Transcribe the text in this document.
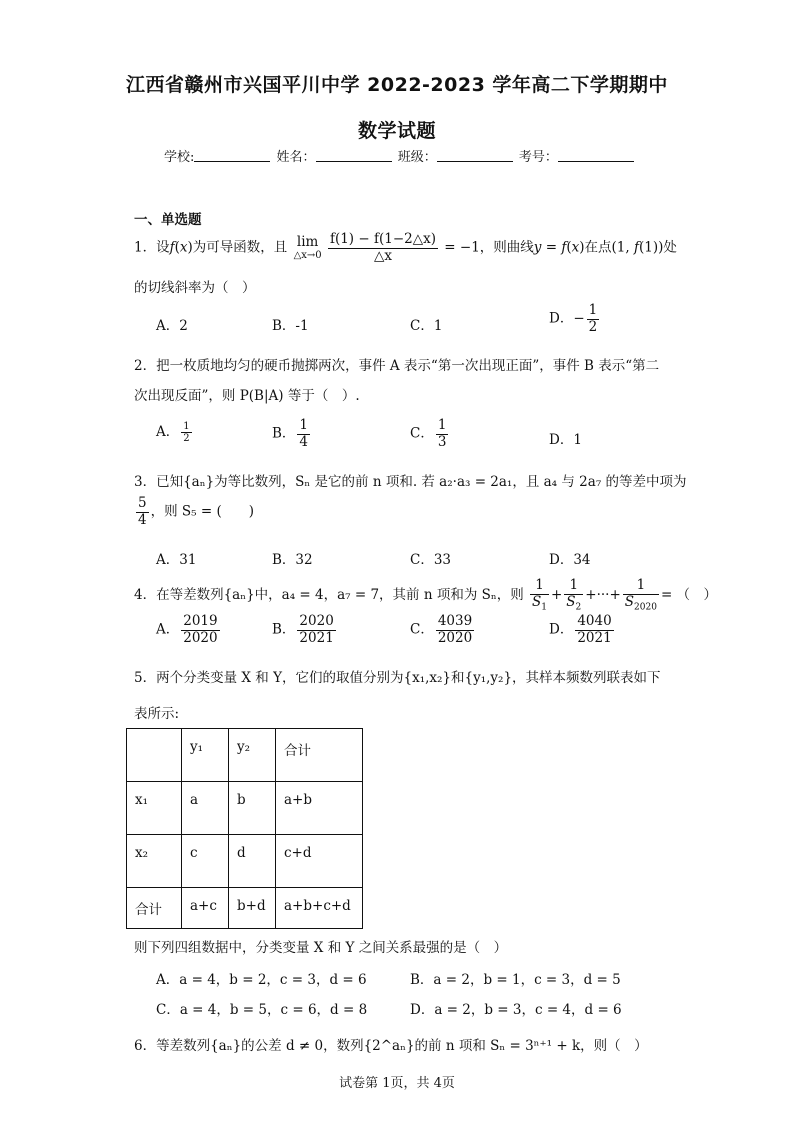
江西省赣州市兴国平川中学 2022-2023 学年高二下学期期中
数学试题
学校:	姓名：	班级：	考号：
一、单选题
1．设f(x)为可导函数，且 lim
△x→0
$\frac{f(1) - f(1-2\triangle x)}{\triangle x} = -1$，则曲线y = f(x)在点(1, f(1))处
的切线斜率为（　）
A．2	B．-1	C．1	D．− $\frac{1}{2}$
2．把一枚质地均匀的硬币抛掷两次，事件 A 表示“第一次出现正面”，事件 B 表示“第二
次出现反面”，则 P(B|A) 等于（　）.
A． $\frac{1}{2}$	B． $\frac{1}{4}$	C． $\frac{1}{3}$	D．1
3．已知{aₙ}为等比数列，Sₙ 是它的前 n 项和. 若 a₂·a₃ = 2a₁，且 a₄ 与 2a₇ 的等差中项为
$\frac{5}{4}$ ，则 S₅ = (　　)
A．31	B．32	C．33	D．34
4．在等差数列{aₙ}中，a₄ = 4，a₇ = 7，其前 n 项和为 Sₙ，则 $\frac{1}{S_1} + \frac{1}{S_2}$ +···+ $\frac{1}{S_{2020}}$ = （　）
A． $\frac{2019}{2020}$	B． $\frac{2020}{2021}$	C． $\frac{4039}{2020}$	D． $\frac{4040}{2021}$
5．两个分类变量 X 和 Y，它们的取值分别为{x₁,x₂}和{y₁,y₂}，其样本频数列联表如下
表所示:
	y₁	y₂	合计
x₁	a	b	a+b
x₂	c	d	c+d
合计	a+c	b+d	a+b+c+d
则下列四组数据中，分类变量 X 和 Y 之间关系最强的是（　）
A．a = 4，b = 2，c = 3，d = 6	B．a = 2，b = 1，c = 3，d = 5
C．a = 4，b = 5，c = 6，d = 8	D．a = 2，b = 3，c = 4，d = 6
6．等差数列{aₙ}的公差 d ≠ 0，数列{2^aₙ}的前 n 项和 Sₙ = 3ⁿ⁺¹ + k，则（　）
试卷第 1页，共 4页
